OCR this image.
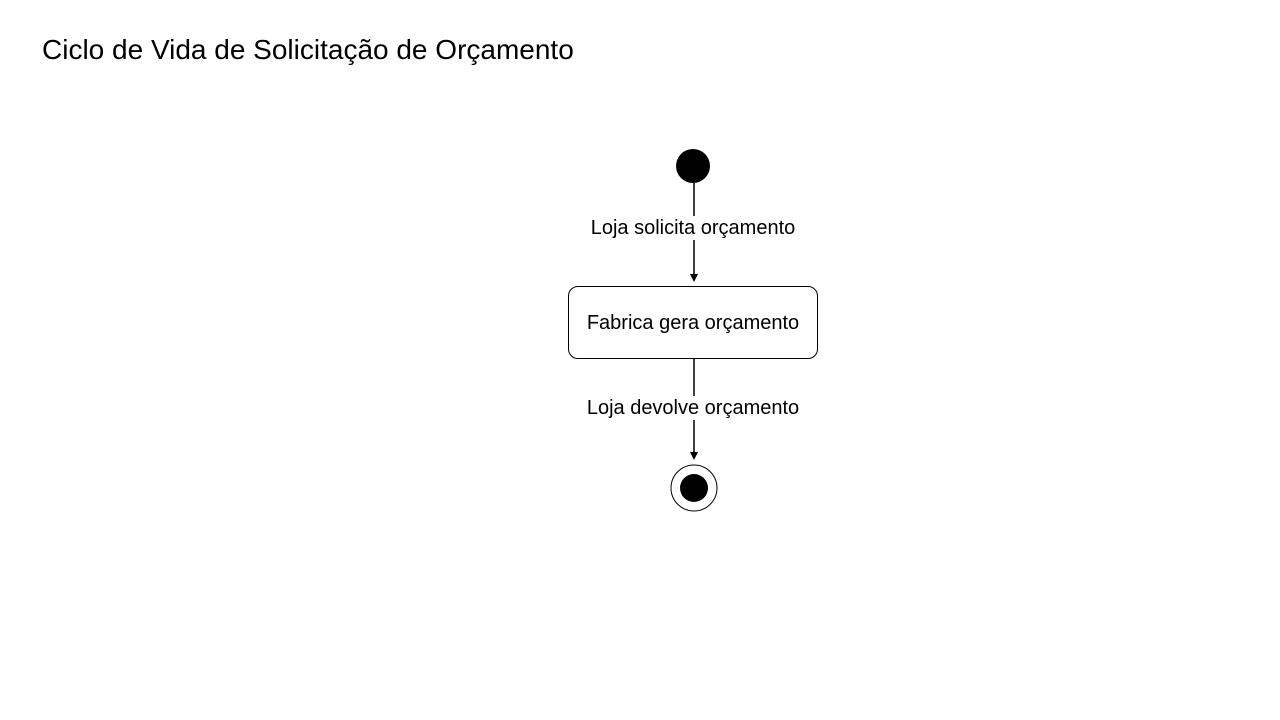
Ciclo de Vida de Solicitação de Orçamento
Loja solicita orçamento
Fabrica gera orçamento
Loja devolve orçamento
